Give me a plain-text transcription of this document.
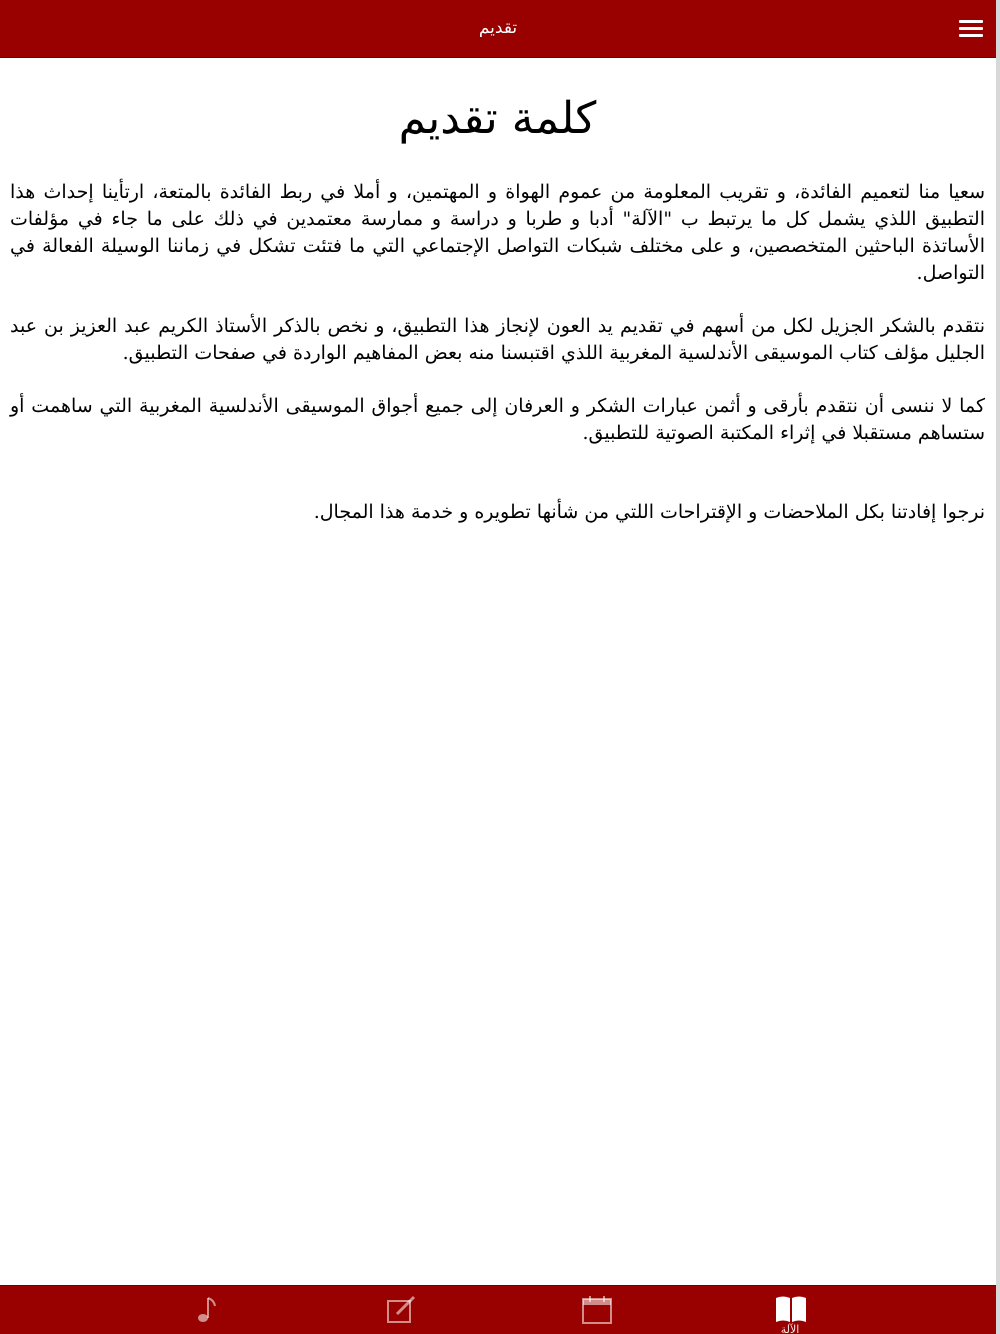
تقديم
كلمة تقديم

سعيا منا لتعميم الفائدة، و تقريب المعلومة من عموم الهواة و المهتمين، و أملا في ربط الفائدة بالمتعة، ارتأينا إحداث هذا التطبيق اللذي يشمل كل ما يرتبط ب "الآلة" أدبا و طربا و دراسة و ممارسة معتمدين في ذلك على ما جاء في مؤلفات الأساتذة الباحثين المتخصصين، و على مختلف شبكات التواصل الإجتماعي التي ما فتئت تشكل في زماننا الوسيلة الفعالة في التواصل.

نتقدم بالشكر الجزيل لكل من أسهم في تقديم يد العون لإنجاز هذا التطبيق، و نخص بالذكر الأستاذ الكريم عبد العزيز بن عبد الجليل مؤلف كتاب الموسيقى الأندلسية المغربية اللذي اقتبسنا منه بعض المفاهيم الواردة في صفحات التطبيق.

كما لا ننسى أن نتقدم بأرقى و أثمن عبارات الشكر و العرفان إلى جميع أجواق الموسيقى الأندلسية المغربية التي ساهمت أو ستساهم مستقبلا في إثراء المكتبة الصوتية للتطبيق.

نرجوا إفادتنا بكل الملاحضات و الإقتراحات اللتي من شأنها تطويره و خدمة هذا المجال.

الآلة
